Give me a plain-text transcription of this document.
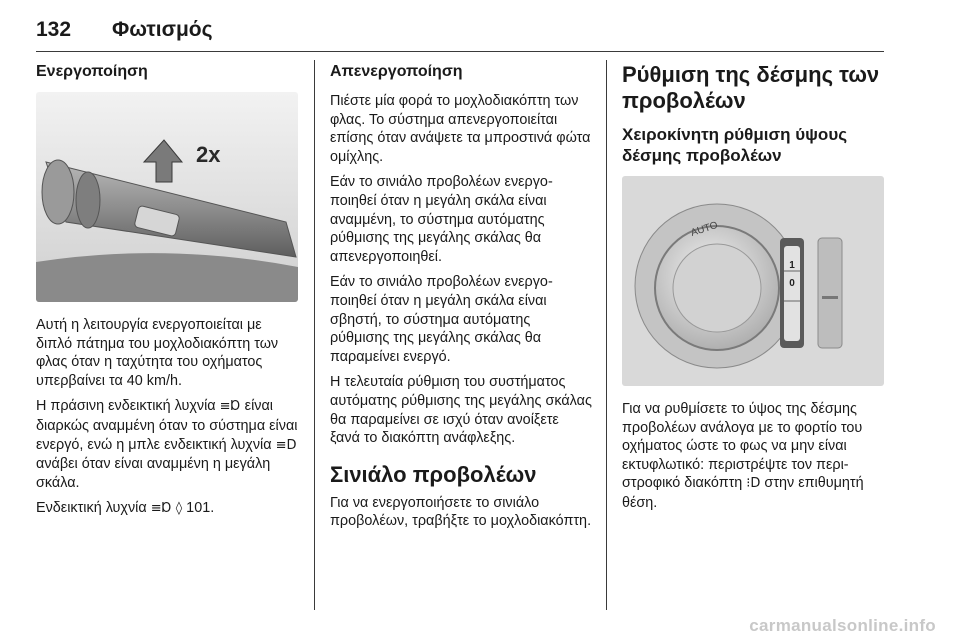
132 Φωτισμός
Ενεργοποίηση
2x

Αυτή η λειτουργία ενεργοποιείται με διπλό πάτημα του μοχλοδιακόπτη των φλας όταν η ταχύτητα του οχήματος υπερβαίνει τα 40 km/h.

Η πράσινη ενδεικτική λυχνία ≡Ɒ είναι διαρκώς αναμμένη όταν το σύστημα είναι ενεργό, ενώ η μπλε ενδεικτική λυχνία ≡D ανάβει όταν είναι αναμμένη η μεγάλη σκάλα.

Ενδεικτική λυχνία ≡Ɒ ◊ 101.

Απενεργοποίηση

Πιέστε μία φορά το μοχλοδιακόπτη των φλας. Το σύστημα απενεργοποιείται επίσης όταν ανάψετε τα μπροστινά φώτα ομίχλης.

Εάν το σινιάλο προβολέων ενεργοποιηθεί όταν η μεγάλη σκάλα είναι αναμμένη, το σύστημα αυτόματης ρύθμισης της μεγάλης σκάλας θα απενεργοποιηθεί.

Εάν το σινιάλο προβολέων ενεργοποιηθεί όταν η μεγάλη σκάλα είναι σβηστή, το σύστημα αυτόματης ρύθμισης της μεγάλης σκάλας θα παραμείνει ενεργό.

Η τελευταία ρύθμιση του συστήματος αυτόματης ρύθμισης της μεγάλης σκάλας θα παραμείνει σε ισχύ όταν ανοίξετε ξανά το διακόπτη ανάφλεξης.

Σινιάλο προβολέων

Για να ενεργοποιήσετε το σινιάλο προβολέων, τραβήξτε το μοχλοδιακόπτη.

Ρύθμιση της δέσμης των προβολέων
Χειροκίνητη ρύθμιση ύψους δέσμης προβολέων
AUTO
1
0

Για να ρυθμίσετε το ύψος της δέσμης προβολέων ανάλογα με το φορτίο του οχήματος ώστε το φως να μην είναι εκτυφλωτικό: περιστρέψτε τον περιστροφικό διακόπτη ⁝D στην επιθυμητή θέση.

carmanualsonline.info
